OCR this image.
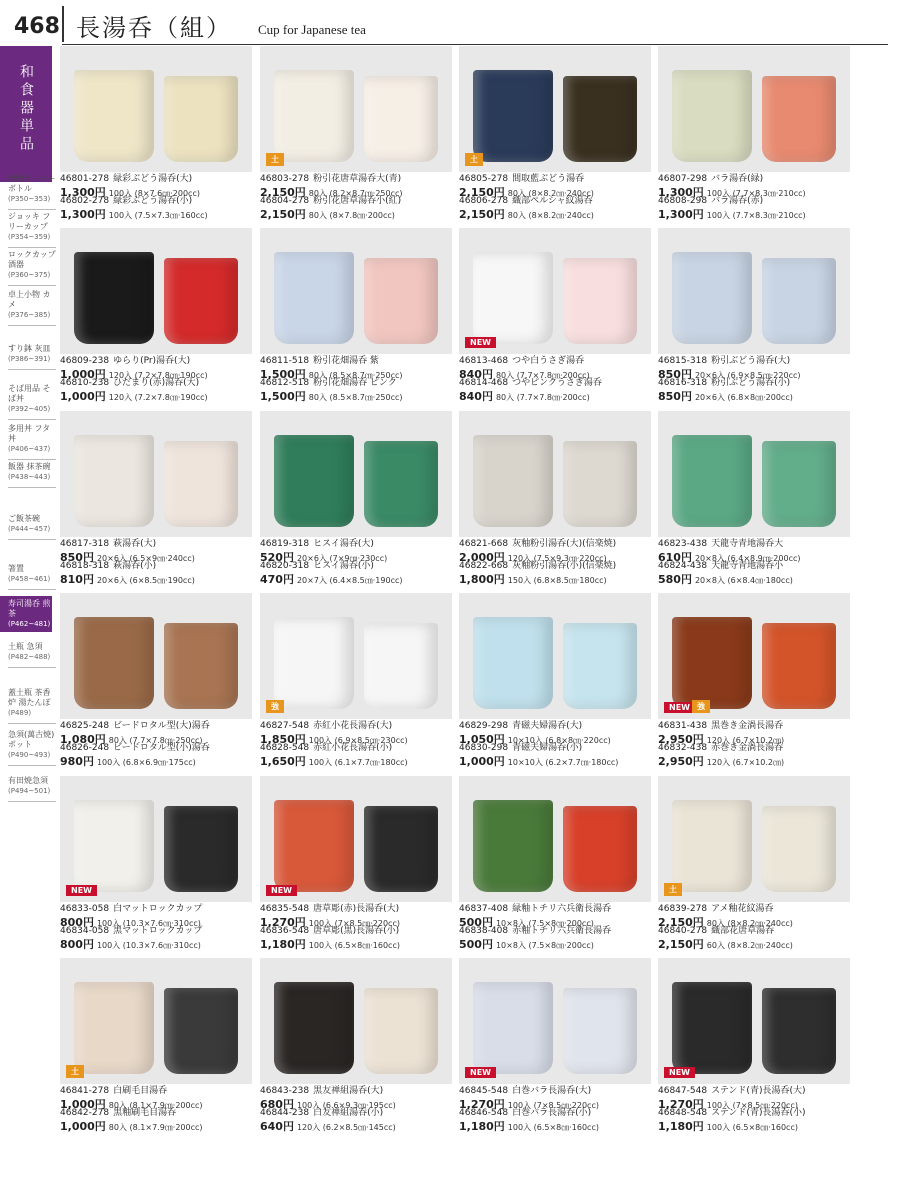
468 長湯呑（組） Cup for Japanese tea
和食器単品
焼酎サーバー ボトル
(P350~353)
ジョッキ フリーカップ
(P354~359)
ロックカップ 酒器
(P360~375)
卓上小物 カメ
(P376~385)
すり鉢 灰皿
(P386~391)
そば用品 そば丼
(P392~405)
多用丼 フタ丼
(P406~437)
飯器 抹茶碗
(P438~443)
ご飯茶碗
(P444~457)
箸置
(P458~461)
寿司湯呑 煎茶
(P462~481)
土瓶 急須
(P482~488)
蓋土瓶 茶香炉 湯たんぽ
(P489)
急須(萬古焼) ポット
(P490~493)
有田焼急須
(P494~501)
46801-278 緑彩ぶどう湯呑(大)
1,300円 100入 (8×7.6㎝·200cc)
46802-278 緑彩ぶどう湯呑(小)
1,300円 100入 (7.5×7.3㎝·160cc)
土
46803-278 粉引花唐草湯呑大(青)
2,150円 80入 (8.2×8.7㎝·250cc)
46804-278 粉引花唐草湯呑小(紅)
2,150円 80入 (8×7.8㎝·200cc)
土
46805-278 間取藍ぶどう湯呑
2,150円 80入 (8×8.2㎝·240cc)
46806-278 織部ペルシャ紋湯呑
2,150円 80入 (8×8.2㎝·240cc)
46807-298 バラ湯呑(緑)
1,300円 100入 (7.7×8.3㎝·210cc)
46808-298 バラ湯呑(赤)
1,300円 100入 (7.7×8.3㎝·210cc)
46809-238 ゆらり(Pr)湯呑(大)
1,000円 120入 (7.2×7.8㎝·190cc)
46810-238 ひだまり(赤)湯呑(大)
1,000円 120入 (7.2×7.8㎝·190cc)
46811-518 粉引花畑湯呑 紫
1,500円 80入 (8.5×8.7㎝·250cc)
46812-518 粉引花畑湯呑 ピンク
1,500円 80入 (8.5×8.7㎝·250cc)
NEW
46813-468 つや白うさぎ湯呑
840円 80入 (7.7×7.8㎝·200cc)
46814-468 つやピンクうさぎ湯呑
840円 80入 (7.7×7.8㎝·200cc)
46815-318 粉引ぶどう湯呑(大)
850円 20×6入 (6.9×8.5㎝·220cc)
46816-318 粉引ぶどう湯呑(小)
850円 20×6入 (6.8×8㎝·200cc)
46817-318 萩湯呑(大)
850円 20×6入 (6.5×9㎝·240cc)
46818-318 萩湯呑(小)
810円 20×6入 (6×8.5㎝·190cc)
46819-318 ヒスイ湯呑(大)
520円 20×6入 (7×9㎝·230cc)
46820-318 ヒスイ湯呑(小)
470円 20×7入 (6.4×8.5㎝·190cc)
46821-668 灰釉粉引湯呑(大)(信楽焼)
2,000円 120入 (7.5×9.3㎝·220cc)
46822-668 灰釉粉引湯呑(小)(信楽焼)
1,800円 150入 (6.8×8.5㎝·180cc)
46823-438 天龍寺青地湯呑大
610円 20×8入 (6.4×8.9㎝·200cc)
46824-438 天龍寺青地湯呑小
580円 20×8入 (6×8.4㎝·180cc)
46825-248 ビードロタル型(大)湯呑
1,080円 80入 (7.7×7.8㎝·250cc)
46826-248 ビードロタル型(小)湯呑
980円 100入 (6.8×6.9㎝·175cc)
強
46827-548 赤紅小花長湯呑(大)
1,850円 100入 (6.9×8.5㎝·230cc)
46828-548 赤紅小花長湯呑(小)
1,650円 100入 (6.1×7.7㎝·180cc)
46829-298 青磁夫婦湯呑(大)
1,050円 10×10入 (6.8×8㎝·220cc)
46830-298 青磁夫婦湯呑(小)
1,000円 10×10入 (6.2×7.7㎝·180cc)
NEW 強
46831-438 黒巻き金渦長湯呑
2,950円 120入 (6.7×10.2㎝)
46832-438 赤巻き金渦長湯呑
2,950円 120入 (6.7×10.2㎝)
NEW
46833-058 白マットロックカップ
800円 100入 (10.3×7.6㎝·310cc)
46834-058 黒マットロックカップ
800円 100入 (10.3×7.6㎝·310cc)
NEW
46835-548 唐草彫(赤)長湯呑(大)
1,270円 100入 (7×8.5㎝·220cc)
46836-548 唐草彫(黒)長湯呑(小)
1,180円 100入 (6.5×8㎝·160cc)
46837-408 緑釉トチリ六兵衛長湯呑
500円 10×8入 (7.5×8㎝·200cc)
46838-408 赤釉トチリ六兵衛長湯呑
500円 10×8入 (7.5×8㎝·200cc)
土
46839-278 アメ釉花紋湯呑
2,150円 80入 (8×8.2㎝·240cc)
46840-278 織部花唐草湯呑
2,150円 60入 (8×8.2㎝·240cc)
土
46841-278 白刷毛目湯呑
1,000円 80入 (8.1×7.9㎝·200cc)
46842-278 黒釉刷毛目湯呑
1,000円 80入 (8.1×7.9㎝·200cc)
46843-238 黒友禅組湯呑(大)
680円 100入 (6.6×9.3㎝·195cc)
46844-238 白友禅組湯呑(小)
640円 120入 (6.2×8.5㎝·145cc)
NEW
46845-548 白巻バラ長湯呑(大)
1,270円 100入 (7×8.5㎝·220cc)
46846-548 白巻バラ長湯呑(小)
1,180円 100入 (6.5×8㎝·160cc)
NEW
46847-548 ステンド(青)長湯呑(大)
1,270円 100入 (7×8.5㎝·220cc)
46848-548 ステンド(青)長湯呑(小)
1,180円 100入 (6.5×8㎝·160cc)
